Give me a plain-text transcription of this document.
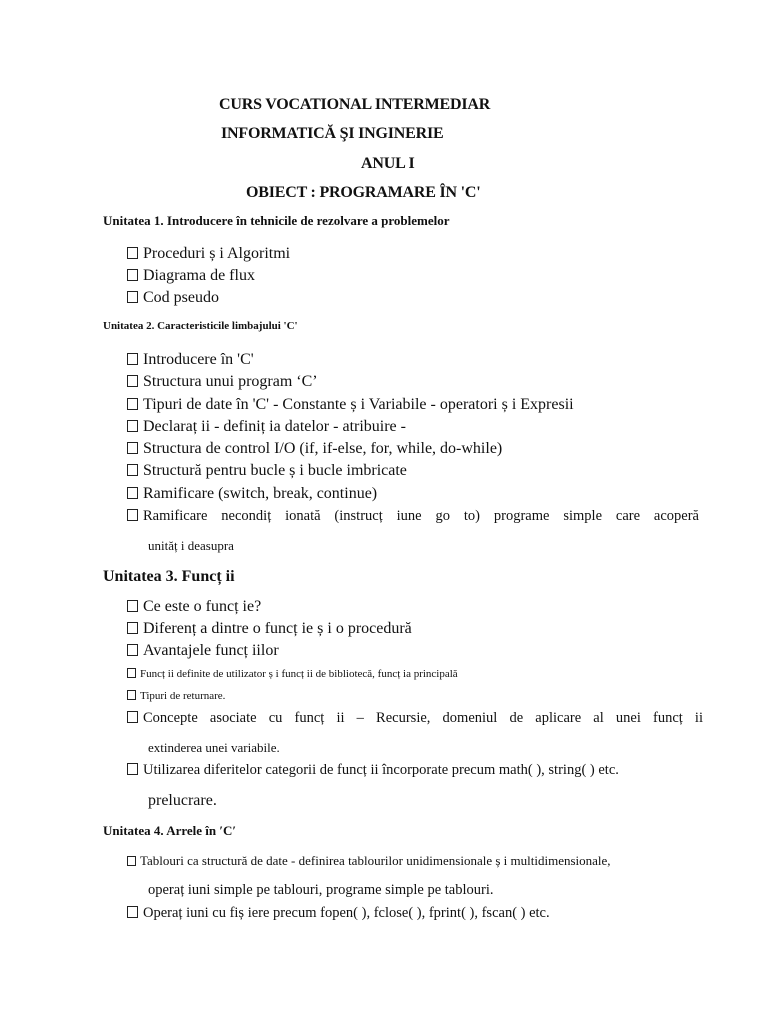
CURS VOCATIONAL INTERMEDIAR
INFORMATICĂ ŞI INGINERIE
ANUL I
OBIECT : PROGRAMARE ÎN 'C'
Unitatea 1. Introducere în tehnicile de rezolvare a problemelor
Proceduri ș i Algoritmi
Diagrama de flux
Cod pseudo
Unitatea 2. Caracteristicile limbajului 'C'
Introducere în 'C'
Structura unui program ‘C’
Tipuri de date în 'C' - Constante ș i Variabile - operatori ș i Expresii
Declaraț ii - definiț ia datelor - atribuire -
Structura de control I/O (if, if-else, for, while, do-while)
Structură pentru bucle ș i bucle imbricate
Ramificare (switch, break, continue)
Ramificare necondiț ionată (instrucț iune go to) programe simple care acoperă
unităț i deasupra
Unitatea 3. Funcț ii
Ce este o funcț ie?
Diferenț a dintre o funcț ie ș i o procedură
Avantajele funcț iilor
Funcț ii definite de utilizator ș i funcț ii de bibliotecă, funcț ia principală
Tipuri de returnare.
Concepte asociate cu funcț ii – Recursie, domeniul de aplicare al unei funcț ii
extinderea unei variabile.
Utilizarea diferitelor categorii de funcț ii încorporate precum math( ), string( ) etc.
prelucrare.
Unitatea 4. Arrele în ′C′
Tablouri ca structură de date - definirea tablourilor unidimensionale ș i multidimensionale,
operaț iuni simple pe tablouri, programe simple pe tablouri.
Operaț iuni cu fiș iere precum fopen( ), fclose( ), fprint( ), fscan( ) etc.
